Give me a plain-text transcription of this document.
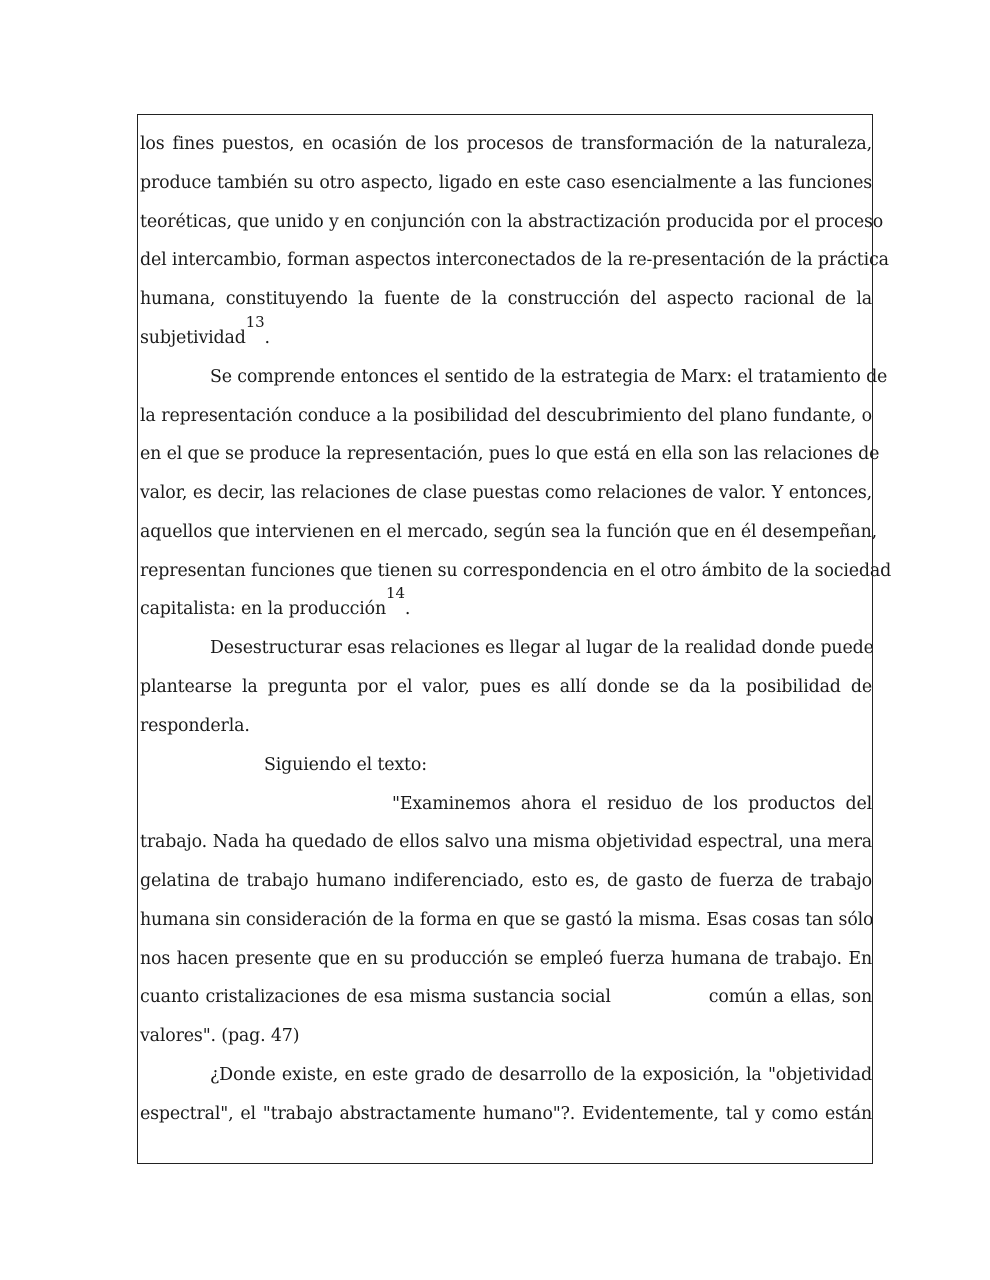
los fines puestos, en ocasión de los procesos de transformación de la naturaleza,
produce también su otro aspecto, ligado en este caso esencialmente a las funciones
teoréticas, que unido y en conjunción con la abstractización producida por el proceso
del intercambio, forman aspectos interconectados de la re-presentación de la práctica
humana, constituyendo la fuente de la construcción del aspecto racional de la
subjetividad$^{13}$.
Se comprende entonces el sentido de la estrategia de Marx: el tratamiento de
la representación conduce a la posibilidad del descubrimiento del plano fundante, o
en el que se produce la representación, pues lo que está en ella son las relaciones de
valor, es decir, las relaciones de clase puestas como relaciones de valor. Y entonces,
aquellos que intervienen en el mercado, según sea la función que en él desempeñan,
representan funciones que tienen su correspondencia en el otro ámbito de la sociedad
capitalista: en la producción$^{14}$.
Desestructurar esas relaciones es llegar al lugar de la realidad donde puede
plantearse la pregunta por el valor, pues es allí donde se da la posibilidad de
responderla.
Siguiendo el texto:
"Examinemos ahora el residuo de los productos del
trabajo. Nada ha quedado de ellos salvo una misma objetividad espectral, una mera
gelatina de trabajo humano indiferenciado, esto es, de gasto de fuerza de trabajo
humana sin consideración de la forma en que se gastó la misma. Esas cosas tan sólo
nos hacen presente que en su producción se empleó fuerza humana de trabajo. En
cuanto cristalizaciones de esa misma sustancia social	común a ellas, son
valores". (pag. 47)
¿Donde existe, en este grado de desarrollo de la exposición, la "objetividad
espectral", el "trabajo abstractamente humano"?. Evidentemente, tal y como están
